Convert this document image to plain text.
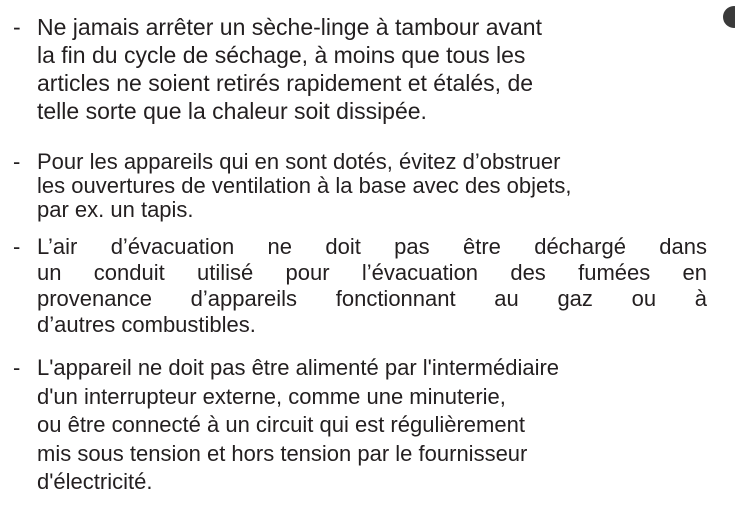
- Ne jamais arrêter un sèche-linge à tambour avant
la fin du cycle de séchage, à moins que tous les
articles ne soient retirés rapidement et étalés, de
telle sorte que la chaleur soit dissipée.
- Pour les appareils qui en sont dotés, évitez d’obstruer
les ouvertures de ventilation à la base avec des objets,
par ex. un tapis.
- L’air d’évacuation ne doit pas être déchargé dans
un conduit utilisé pour l’évacuation des fumées en
provenance d’appareils fonctionnant au gaz ou à
d’autres combustibles.
- L'appareil ne doit pas être alimenté par l'intermédiaire
d'un interrupteur externe, comme une minuterie,
ou être connecté à un circuit qui est régulièrement
mis sous tension et hors tension par le fournisseur
d'électricité.
